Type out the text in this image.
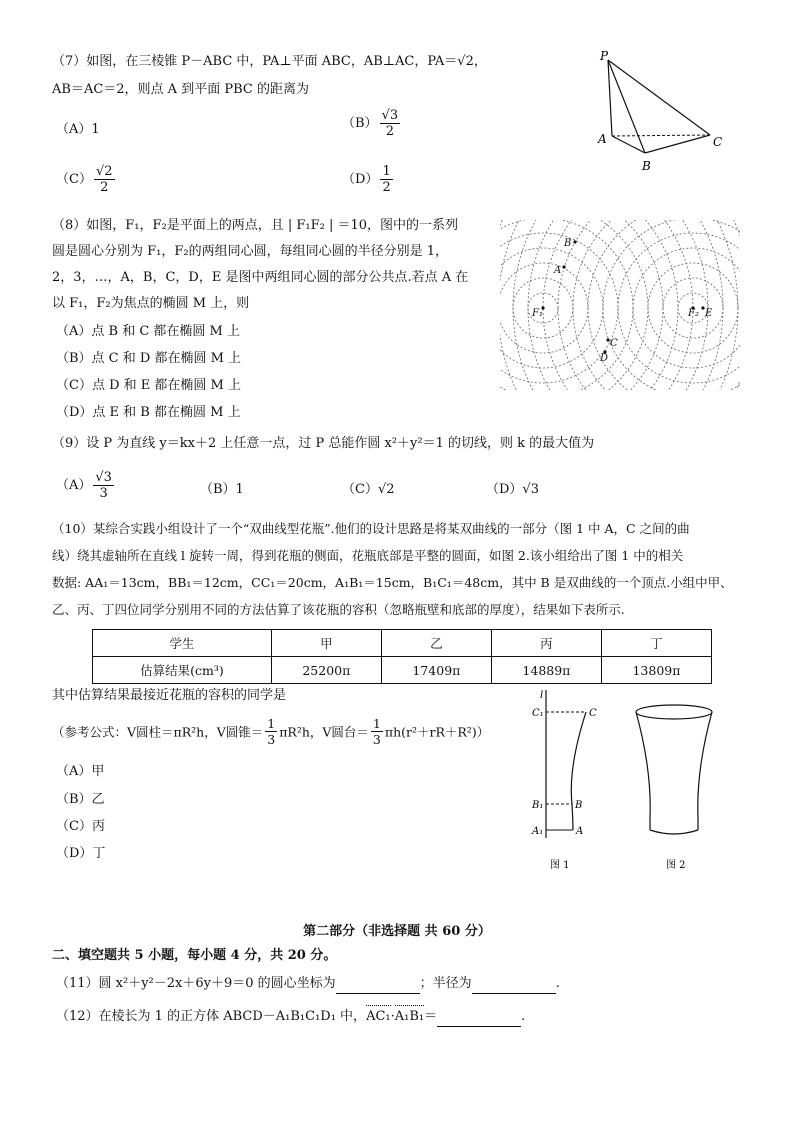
（7）如图，在三棱锥 P－ABC 中，PA⊥平面 ABC，AB⊥AC，PA＝√2，
AB＝AC＝2，则点 A 到平面 PBC 的距离为
（A）1	$(B) \frac{√3}{2}$
$(C) \frac{√2}{2}$	$(D) \frac{1}{2}$
P
A
B
C
（8）如图，F₁，F₂是平面上的两点，且 | F₁F₂ | ＝10，图中的一系列
圆是圆心分别为 F₁，F₂的两组同心圆，每组同心圆的半径分别是 1，
2，3，…，A，B，C，D，E 是图中两组同心圆的部分公共点.若点 A 在
以 F₁，F₂为焦点的椭圆 M 上，则
（A）点 B 和 C 都在椭圆 M 上
（B）点 C 和 D 都在椭圆 M 上
（C）点 D 和 E 都在椭圆 M 上
（D）点 E 和 B 都在椭圆 M 上
B
A
F₁	F₂ E
C
D
（9）设 P 为直线 y＝kx＋2 上任意一点，过 P 总能作圆 x²＋y²＝1 的切线，则 k 的最大值为
$(A) \frac{√3}{3}$	（B）1	（C）√2	（D）√3
（10）某综合实践小组设计了一个“双曲线型花瓶”.他们的设计思路是将某双曲线的一部分（图 1 中 A，C 之间的曲
线）绕其虚轴所在直线 l 旋转一周，得到花瓶的侧面，花瓶底部是平整的圆面，如图 2.该小组给出了图 1 中的相关
数据: AA₁＝13cm，BB₁＝12cm，CC₁＝20cm，A₁B₁＝15cm，B₁C₁＝48cm，其中 B 是双曲线的一个顶点.小组中甲、
乙、丙、丁四位同学分别用不同的方法估算了该花瓶的容积（忽略瓶壁和底部的厚度），结果如下表所示.
学生	甲	乙	丙	丁
估算结果(cm³)	25200π	17409π	14889π	13809π
其中估算结果最接近花瓶的容积的同学是
（参考公式：V圆柱＝πR²h，V圆锥＝ $\frac{1}{3} \pi R^2h$，V圆台＝ $\frac{1}{3} \pi h(r^2+rR+R^2)$）
（A）甲
（B）乙
（C）丙
（D）丁
l
C₁	C
B₁	B
A₁	A
图 1	图 2
第二部分（非选择题 共 60 分）
二、填空题共 5 小题，每小题 4 分，共 20 分。
（11）圆 x²＋y²－2x＋6y＋9＝0 的圆心坐标为	；半径为	.
（12）在棱长为 1 的正方体 ABCD－A₁B₁C₁D₁ 中，AC₁·A₁B₁＝	.
